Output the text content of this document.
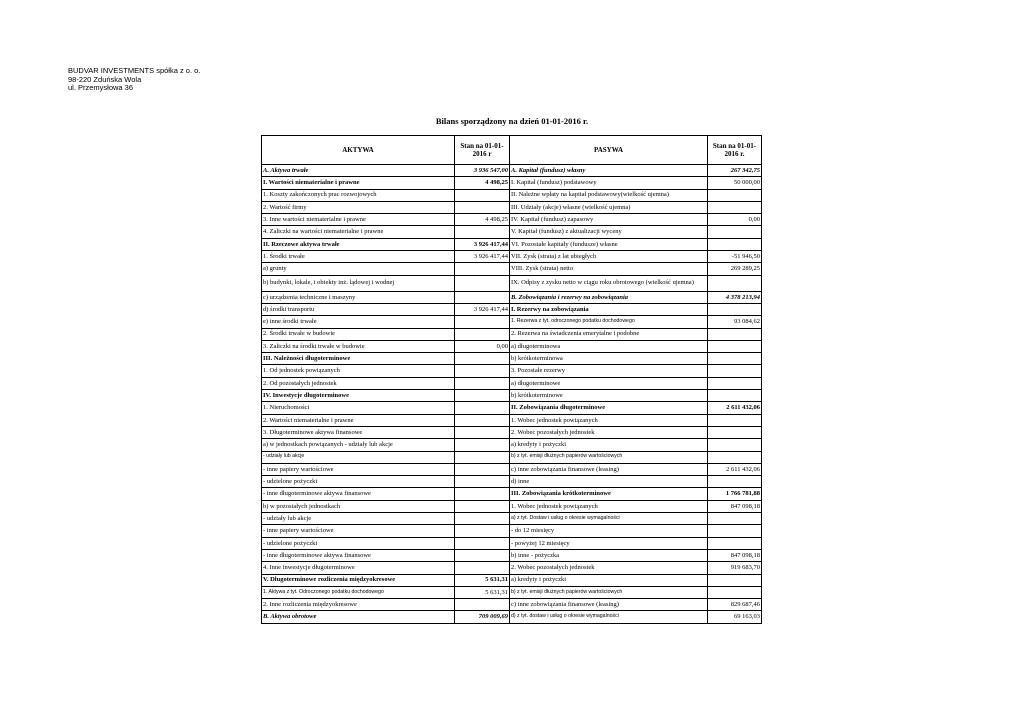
BUDVAR INVESTMENTS spółka z o. o.
98-220 Zduńska Wola
ul. Przemysłowa 36
Bilans sporządzony na dzień 01-01-2016 r.
AKTYWA	Stan na 01-01-2016 r	PASYWA	Stan na 01-01-2016 r.
A. Aktywa trwałe	3 936 547,00	A. Kapitał (fundusz) własny	267 342,75
I. Wartości niematerialne i prawne	4 498,25	I. Kapitał (fundusz) podstawowy	50 000,00
1. Koszty zakończonych prac rozwojowych		II. Należne wpłaty na kapitał podstawowy(wielkość ujemna)	
2. Wartość firmy		III. Udziały (akcje) własne (wielkość ujemna)	
3. Inne wartości niematerialne i prawne	4 498,25	IV. Kapitał (fundusz) zapasowy	0,00
4. Zaliczki na wartości niematerialne i prawne		V. Kapitał (fundusz) z aktualizacji wyceny	
II. Rzeczowe aktywa trwałe	3 926 417,44	VI. Pozostałe kapitały (fundusze) własne	
1. Środki trwałe	3 926 417,44	VII. Zysk (strata) z lat ubiegłych	-51 946,50
a) grunty		VIII. Zysk (strata) netto	269 289,25
b) budynki, lokale, i obiekty inż. lądowej i wodnej		IX. Odpisy z zysku netto w ciągu roku obrotowego (wielkość ujemna)	
c) urządzenia techniczne i maszyny		B. Zobowiązania i rezerwy na zobowiązania	4 378 213,94
d) środki transportu	3 926 417,44	I. Rezerwy na zobowiązania	
e) inne środki trwałe		1. Rezerwa z tyt. odroczonego podatku dochodowego	93 084,62
2. Środki trwałe w budowie		2. Rezerwa na świadczenia emerytalne i podobne	
3. Zaliczki na środki trwałe w budowie	0,00	a) długoterminowa	
III. Należności długoterminowe		b) krótkoterminowa	
1. Od jednostek powiązanych		3. Pozostałe rezerwy	
2. Od pozostałych jednostek		a) długoterminowe	
IV. Inwestycje długoterminowe		b) krótkoterminowe	
1. Nieruchomości		II. Zobowiązania długoterminowe	2 611 432,06
2. Wartości niematerialne i prawne		1. Wobec jednostek powiązanych	
3. Długoterminowe aktywa finansowe		2. Wobec pozostałych jednostek	
a) w jednostkach powiązanych - udziały lub akcje		a) kredyty i pożyczki	
- udziały lub akcje		b) z tyt. emisji dłużnych papierów wartościowych	
- inne papiery wartościowe		c) inne zobowiązania finansowe (leasing)	2 611 432,06
- udzielone pożyczki		d) inne	
- inne długoterminowe aktywa finansowe		III. Zobowiązania krótkoterminowe	1 766 781,88
b) w pozostałych jednostkach		1. Wobec jednostek powiązanych	847 098,18
- udziały lub akcje		a) z tyt. Dostaw i usług o okresie wymagalności	
- inne papiery wartościowe		- do 12 miesięcy	
- udzielone pożyczki		- powyżej 12 miesięcy	
- inne długoterminowe aktywa finansowe		b) inne - pożyczka	847 098,18
4. Inne inwestycje długoterminowe		2. Wobec pozostałych jednostek	919 683,70
V. Długoterminowe rozliczenia międzyokresowe	5 631,31	a) kredyty i pożyczki	
1. Aktywa z tyt. Odroczonego podatku dochodowego	5 631,31	b) z tyt. emisji dłużnych papierów wartościowych	
2. Inne rozliczenia międzyokresowe		c) inne zobowiązania finansowe (leasing)	829 687,46
B. Aktywa obrotowe	709 009,69	d) z tyt. dostaw i usług o okresie wymagalności	69 163,03
